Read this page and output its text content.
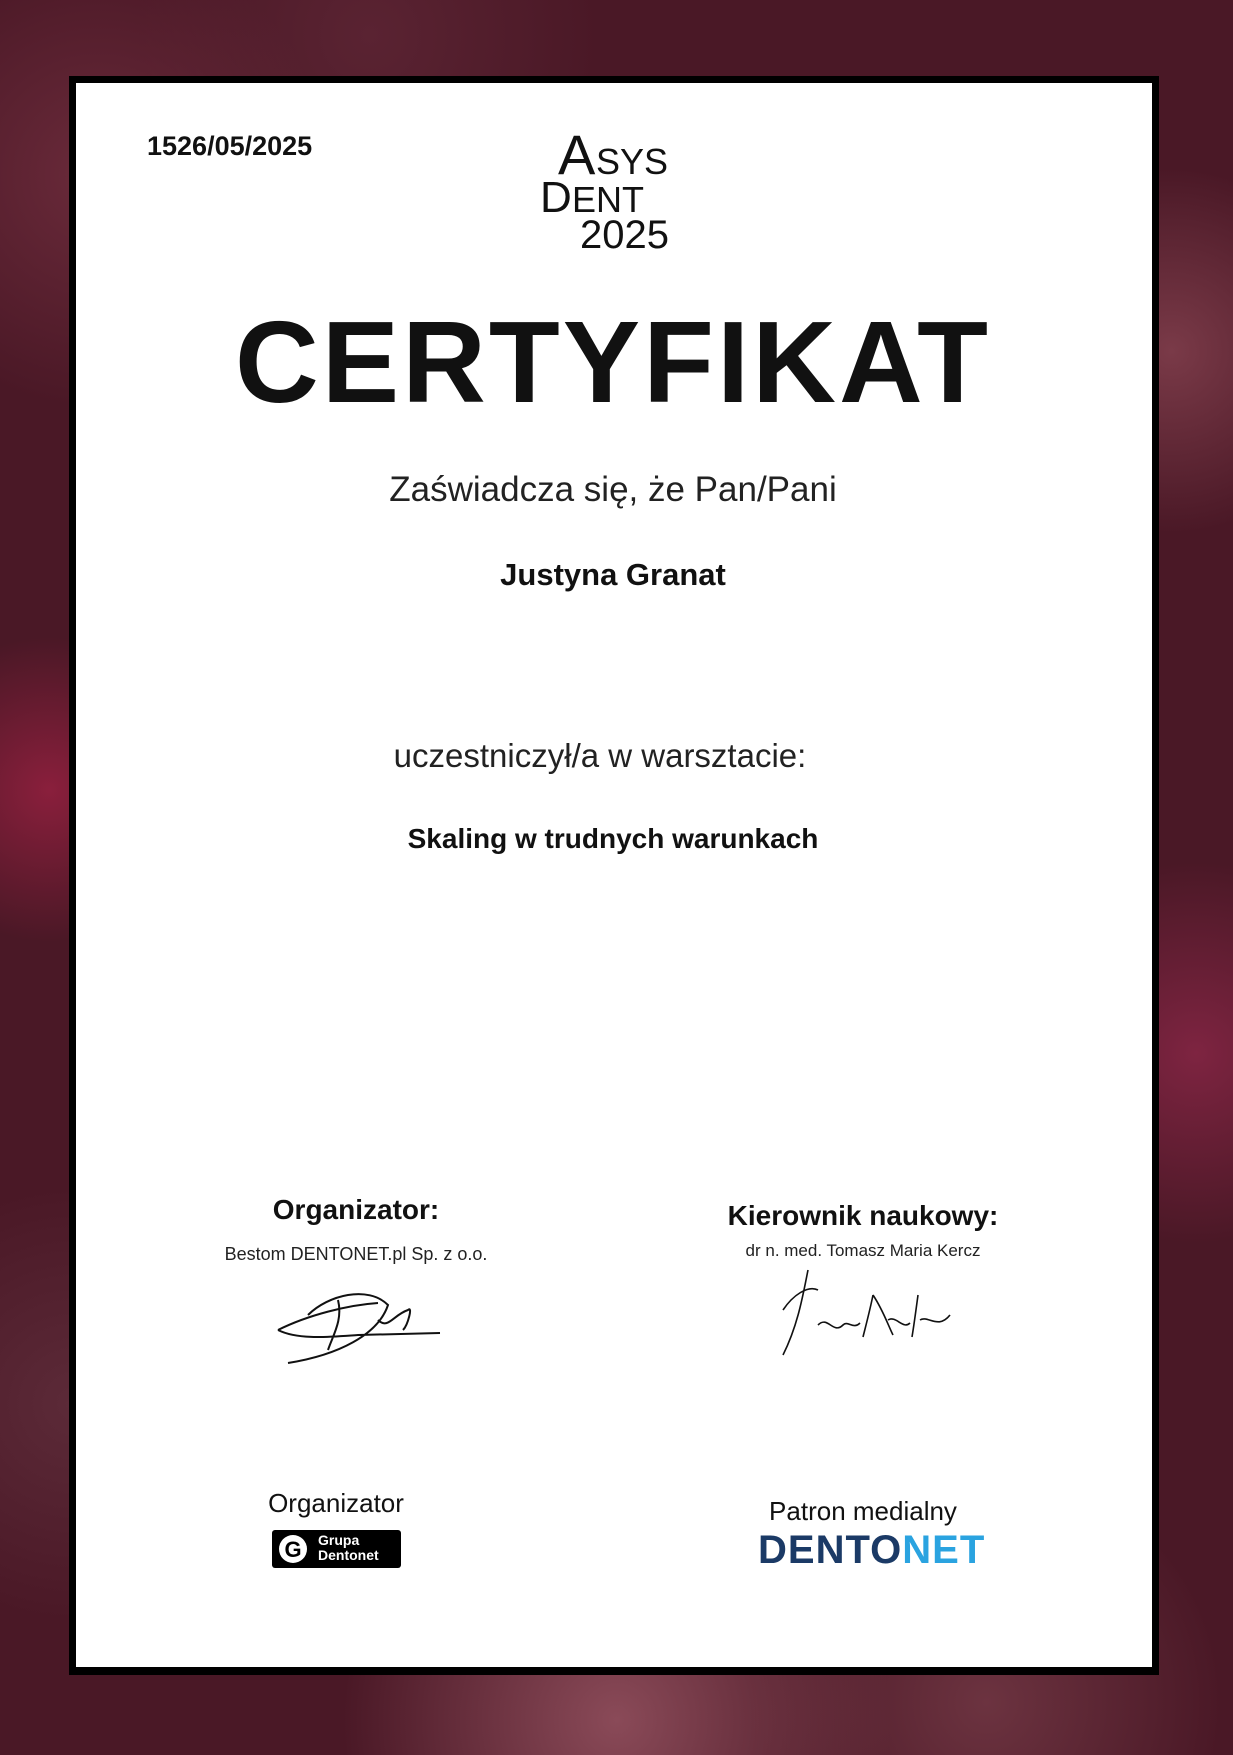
1526/05/2025	A SYS
D ENT
2025
CERTYFIKAT
Zaświadcza się, że Pan/Pani
Justyna Granat
uczestniczył/a w warsztacie:
Skaling w trudnych warunkach
Organizator:
Bestom DENTONET.pl Sp. z o.o.
Kierownik naukowy:
dr n. med. Tomasz Maria Kercz
Organizator
G Grupa
Dentonet
Patron medialny
DENTONET
